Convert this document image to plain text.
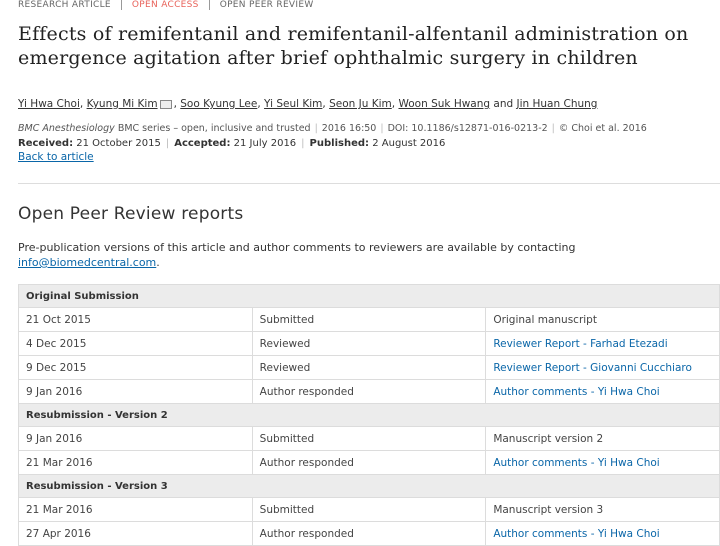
RESEARCH ARTICLE	OPEN ACCESS	OPEN PEER REVIEW
Effects of remifentanil and remifentanil-alfentanil administration on emergence agitation after brief ophthalmic surgery in children
Yi Hwa Choi, Kyung Mi Kim , Soo Kyung Lee, Yi Seul Kim, Seon Ju Kim, Woon Suk Hwang and Jin Huan Chung
BMC Anesthesiology BMC series – open, inclusive and trusted | 2016 16:50 | DOI: 10.1186/s12871-016-0213-2 | © Choi et al. 2016
Received: 21 October 2015 | Accepted: 21 July 2016 | Published: 2 August 2016
Back to article
Open Peer Review reports
Pre-publication versions of this article and author comments to reviewers are available by contacting
info@biomedcentral.com.
Original Submission		
21 Oct 2015	Submitted	Original manuscript
4 Dec 2015	Reviewed	Reviewer Report - Farhad Etezadi
9 Dec 2015	Reviewed	Reviewer Report - Giovanni Cucchiaro
9 Jan 2016	Author responded	Author comments - Yi Hwa Choi
Resubmission - Version 2		
9 Jan 2016	Submitted	Manuscript version 2
21 Mar 2016	Author responded	Author comments - Yi Hwa Choi
Resubmission - Version 3		
21 Mar 2016	Submitted	Manuscript version 3
27 Apr 2016	Author responded	Author comments - Yi Hwa Choi
